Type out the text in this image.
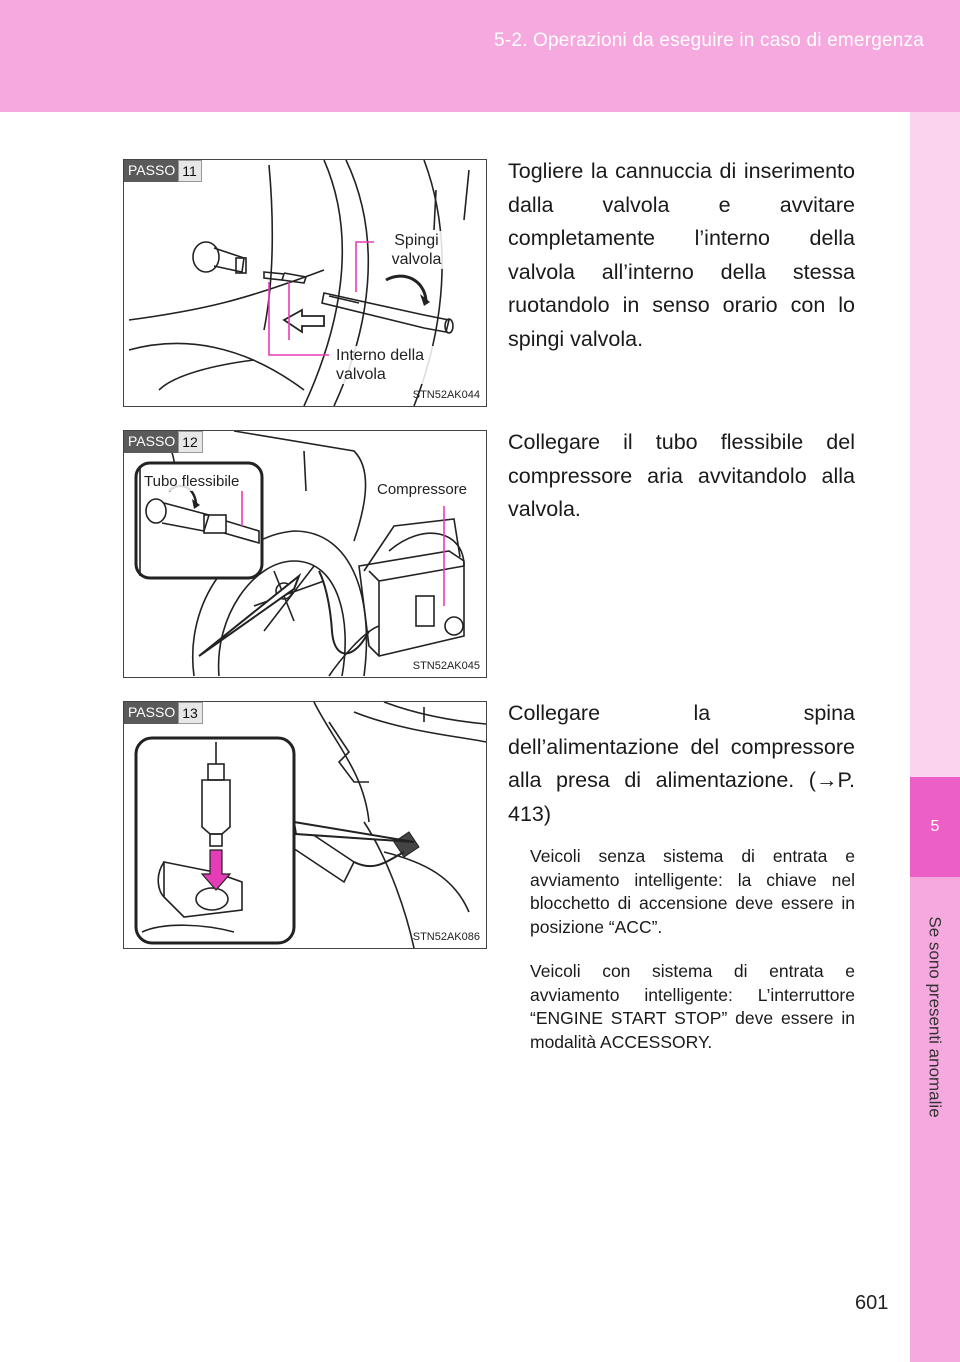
5-2. Operazioni da eseguire in caso di emergenza
5
Se sono presenti anomalie
PASSO 11
Spingi valvola
Interno della valvola
STN52AK044
Togliere la cannuccia di inserimento dalla valvola e avvitare completamente l’interno della valvola all’interno della stessa ruotandolo in senso orario con lo spingi valvola.
PASSO 12
Tubo flessibile	Compressore
STN52AK045
Collegare il tubo flessibile del compressore aria avvitandolo alla valvola.
PASSO 13
STN52AK086
Collegare la spina dell’alimentazione del compressore alla presa di alimentazione. (→P. 413)
Veicoli senza sistema di entrata e avviamento intelligente: la chiave nel blocchetto di accensione deve essere in posizione “ACC”.
Veicoli con sistema di entrata e avviamento intelligente: L’interruttore “ENGINE START STOP” deve essere in modalità ACCESSORY.
601
